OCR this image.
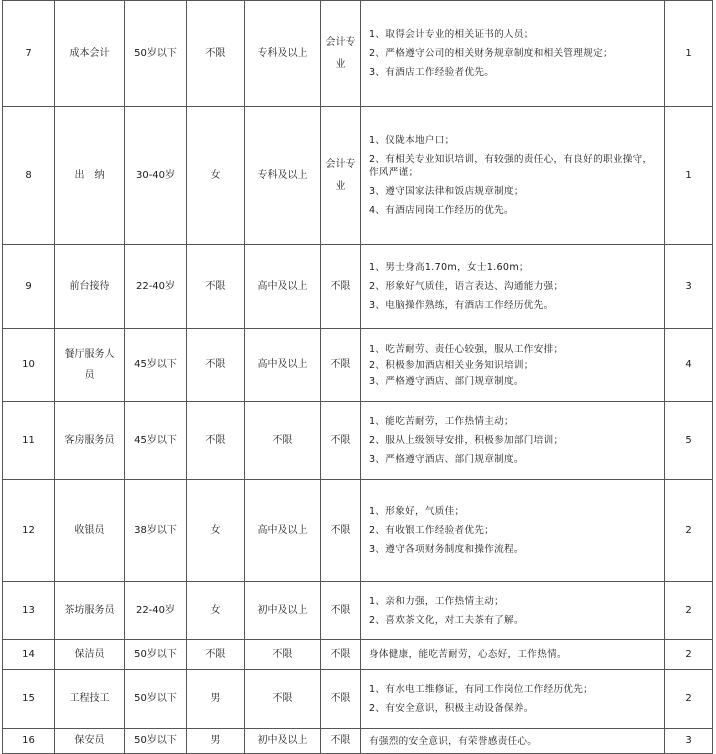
7	成本会计	50岁以下	不限	专科及以上	会计专业	1、取得会计专业的相关证书的人员；
2、严格遵守公司的相关财务规章制度和相关管理规定；
3、有酒店工作经验者优先。	1

8	出　纳	30-40岁	女	专科及以上	会计专业	1、仪陇本地户口；
2、有相关专业知识培训，有较强的责任心，有良好的职业操守，作风严谨；
3、遵守国家法律和饭店规章制度；
4、有酒店同岗工作经历的优先。	1

9	前台接待	22-40岁	不限	高中及以上	不限	1、男士身高1.70m，女士1.60m；
2、形象好气质佳，语言表达、沟通能力强；
3、电脑操作熟练，有酒店工作经历优先。	3

10	餐厅服务人员	45岁以下	不限	高中及以上	不限	1、吃苦耐劳、责任心较强，服从工作安排；
2、积极参加酒店相关业务知识培训；
3、严格遵守酒店、部门规章制度。	4

11	客房服务员	45岁以下	不限	不限	不限	1、能吃苦耐劳，工作热情主动；
2、服从上级领导安排，积极参加部门培训；
3、严格遵守酒店、部门规章制度。	5

12	收银员	38岁以下	女	高中及以上	不限	1、形象好，气质佳；
2、有收银工作经验者优先；
3、遵守各项财务制度和操作流程。	2

13	茶坊服务员	22-40岁	女	初中及以上	不限	1、亲和力强，工作热情主动；
2、喜欢茶文化，对工夫茶有了解。	2

14	保洁员	50岁以下	不限	不限	不限	身体健康，能吃苦耐劳，心态好，工作热情。	2

15	工程技工	50岁以下	男	不限	不限	1、有水电工维修证，有同工作岗位工作经历优先；
2、有安全意识，积极主动设备保养。	2

16	保安员	50岁以下	男	初中及以上	不限	有强烈的安全意识，有荣誉感责任心。	3
